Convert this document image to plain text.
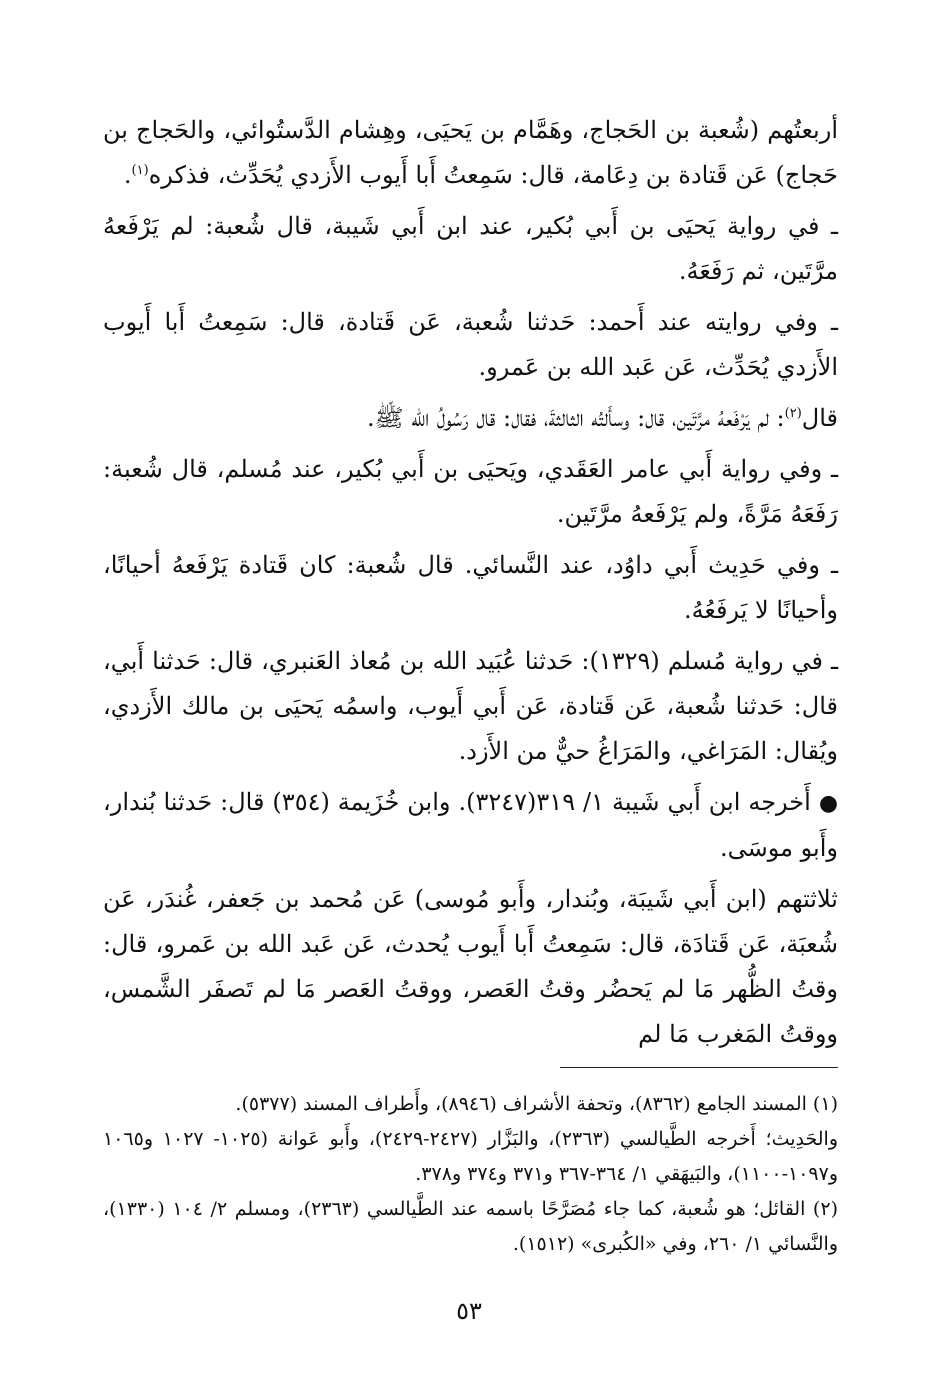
أربعتُهم (شُعبة بن الحَجاج، وهَمَّام بن يَحيَى، وهِشام الدَّستُوائي، والحَجاج بن حَجاج) عَن قَتادة بن دِعَامة، قال: سَمِعتُ أَبا أَيوب الأَزدي يُحَدِّث، فذكره$^{(١)}$.

ـ في رواية يَحيَى بن أَبي بُكير، عند ابن أَبي شَيبة، قال شُعبة: لم يَرْفَعهُ مرَّتَين، ثم رَفَعَهُ.

ـ وفي روايته عند أَحمد: حَدثنا شُعبة، عَن قَتادة، قال: سَمِعتُ أَبا أَيوب الأَزدي يُحَدِّث، عَن عَبد الله بن عَمرو.

قال$^{(٢)}$: لم يَرْفَعهُ مرَّتَين، قال: وسأَلتُه الثالثةَ، فقال: قال رَسُولُ الله ﷺ.

ـ وفي رواية أَبي عامر العَقَدي، ويَحيَى بن أَبي بُكير، عند مُسلم، قال شُعبة: رَفَعَهُ مَرَّةً، ولم يَرْفَعهُ مرَّتَين.

ـ وفي حَدِيث أَبي داوُد، عند النَّسائي. قال شُعبة: كان قَتادة يَرْفَعهُ أحيانًا، وأحيانًا لا يَرفَعُهُ.

ـ في رواية مُسلم (١٣٢٩): حَدثنا عُبَيد الله بن مُعاذ العَنبري، قال: حَدثنا أَبي، قال: حَدثنا شُعبة، عَن قَتادة، عَن أَبي أَيوب، واسمُه يَحيَى بن مالك الأَزدي، ويُقال: المَرَاغي، والمَرَاغُ حيٌّ من الأَزد.

●أَخرجه ابن أَبي شَيبة ١/ ٣١٩(٣٢٤٧). وابن خُزَيمة (٣٥٤) قال: حَدثنا بُندار، وأَبو موسَى.

ثلاثتهم (ابن أَبي شَيبَة، وبُندار، وأَبو مُوسى) عَن مُحمد بن جَعفر، غُندَر، عَن شُعبَة، عَن قَتادَة، قال: سَمِعتُ أَبا أَيوب يُحدث، عَن عَبد الله بن عَمرو، قال: وقتُ الظُّهر مَا لم يَحضُر وقتُ العَصر، ووقتُ العَصر مَا لم تَصفَر الشَّمس، ووقتُ المَغرب مَا لم

(١) المسند الجامع (٨٣٦٢)، وتحفة الأشراف (٨٩٤٦)، وأَطراف المسند (٥٣٧٧).

والحَدِيث؛ أَخرجه الطَّيالسي (٢٣٦٣)، والبَزَّار (٢٤٢٧-٢٤٢٩)، وأَبو عَوانة (١٠٢٥- ١٠٢٧ و١٠٦٥ و١٠٩٧-١١٠٠)، والبَيهَقي ١/ ٣٦٤-٣٦٧ و٣٧١ و٣٧٤ و٣٧٨.

(٢) القائل؛ هو شُعبة، كما جاء مُصَرَّحًا باسمه عند الطَّيالسي (٢٣٦٣)، ومسلم ٢/ ١٠٤ (١٣٣٠)، والنَّسائي ١/ ٢٦٠، وفي «الكُبرى» (١٥١٢).

٥٣
